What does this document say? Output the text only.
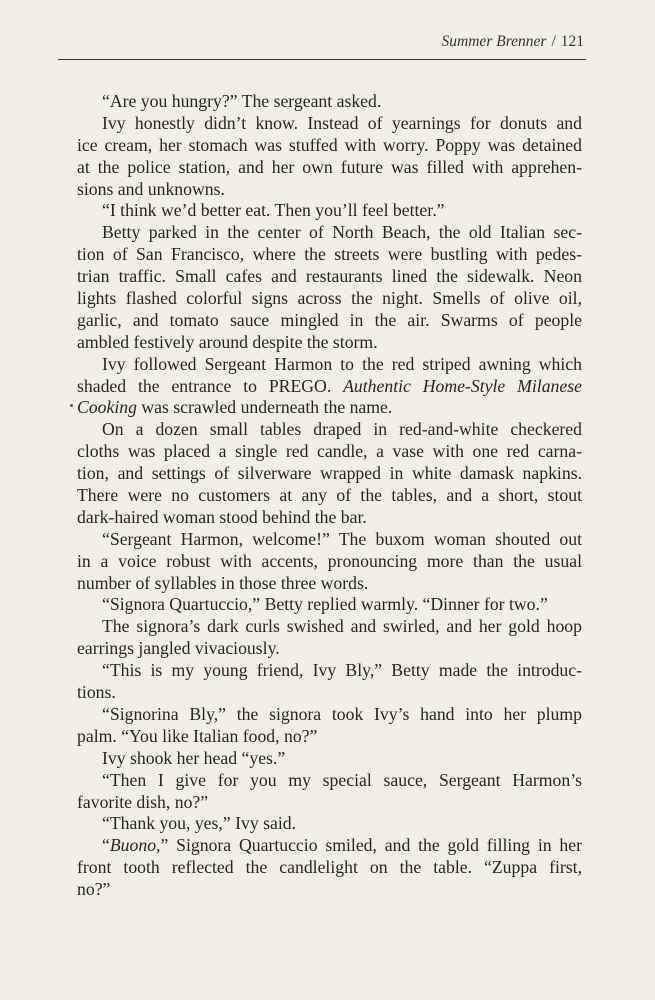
Summer Brenner / 121
“Are you hungry?” The sergeant asked.
Ivy honestly didn’t know. Instead of yearnings for donuts and
ice cream, her stomach was stuffed with worry. Poppy was detained
at the police station, and her own future was filled with apprehen-
sions and unknowns.
“I think we’d better eat. Then you’ll feel better.”
Betty parked in the center of North Beach, the old Italian sec-
tion of San Francisco, where the streets were bustling with pedes-
trian traffic. Small cafes and restaurants lined the sidewalk. Neon
lights flashed colorful signs across the night. Smells of olive oil,
garlic, and tomato sauce mingled in the air. Swarms of people
ambled festively around despite the storm.
Ivy followed Sergeant Harmon to the red striped awning which
shaded the entrance to PREGO. Authentic Home-Style Milanese
Cooking was scrawled underneath the name.
On a dozen small tables draped in red-and-white checkered
cloths was placed a single red candle, a vase with one red carna-
tion, and settings of silverware wrapped in white damask napkins.
There were no customers at any of the tables, and a short, stout
dark-haired woman stood behind the bar.
“Sergeant Harmon, welcome!” The buxom woman shouted out
in a voice robust with accents, pronouncing more than the usual
number of syllables in those three words.
“Signora Quartuccio,” Betty replied warmly. “Dinner for two.”
The signora’s dark curls swished and swirled, and her gold hoop
earrings jangled vivaciously.
“This is my young friend, Ivy Bly,” Betty made the introduc-
tions.
“Signorina Bly,” the signora took Ivy’s hand into her plump
palm. “You like Italian food, no?”
Ivy shook her head “yes.”
“Then I give for you my special sauce, Sergeant Harmon’s
favorite dish, no?”
“Thank you, yes,” Ivy said.
“Buono,” Signora Quartuccio smiled, and the gold filling in her
front tooth reflected the candlelight on the table. “Zuppa first,
no?”
